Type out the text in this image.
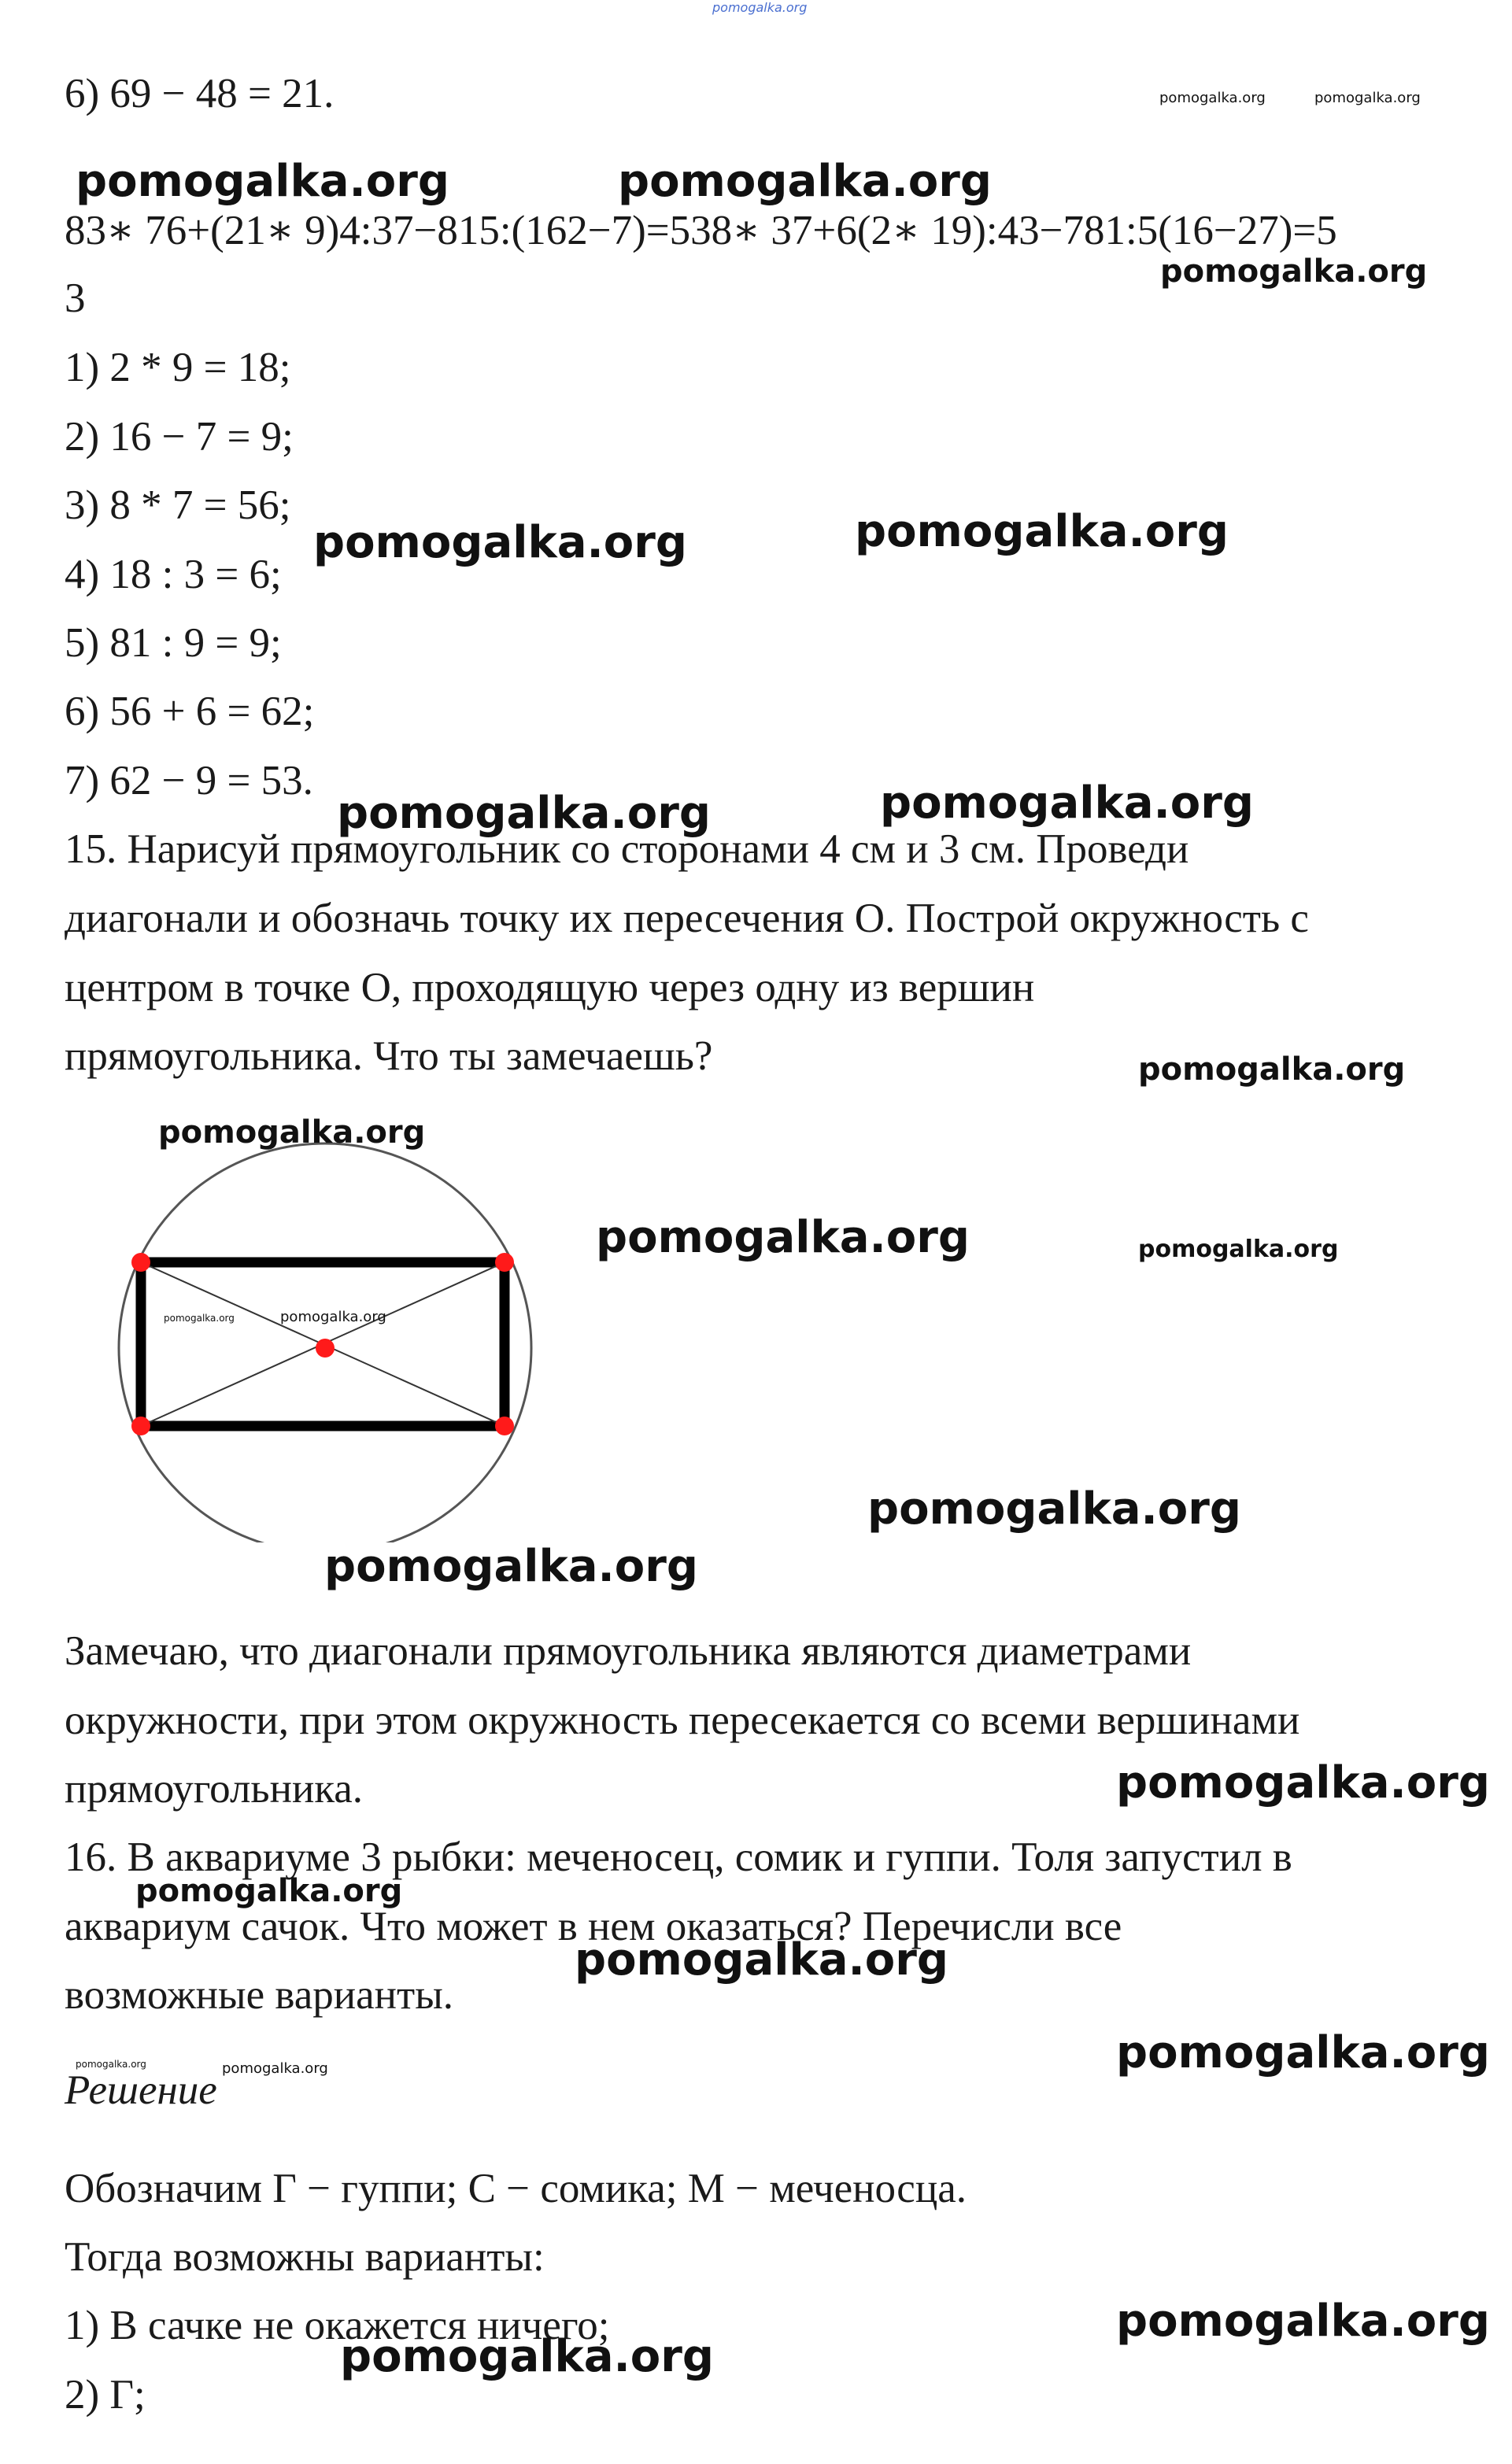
pomogalka.org
6) 69 − 48 = 21.
83∗ 76+(21∗ 9)4:37−815:(162−7)=538∗ 37+6(2∗ 19):43−781:5(16−27)=5
3
1) 2 * 9 = 18;
2) 16 − 7 = 9;
3) 8 * 7 = 56;
4) 18 : 3 = 6;
5) 81 : 9 = 9;
6) 56 + 6 = 62;
7) 62 − 9 = 53.
15. Нарисуй прямоугольник со сторонами 4 см и 3 см. Проведи
диагонали и обозначь точку их пересечения О. Построй окружность с
центром в точке О, проходящую через одну из вершин
прямоугольника. Что ты замечаешь?
Замечаю, что диагонали прямоугольника являются диаметрами
окружности, при этом окружность пересекается со всеми вершинами
прямоугольника.
16. В аквариуме 3 рыбки: меченосец, сомик и гуппи. Толя запустил в
аквариум сачок. Что может в нем оказаться? Перечисли все
возможные варианты.
Решение
Обозначим Г − гуппи; С − сомика; М − меченосца.
Тогда возможны варианты:
1) В сачке не окажется ничего;
2) Г;
pomogalka.org	pomogalka.org
pomogalka.org	pomogalka.org
pomogalka.org
pomogalka.org
pomogalka.org
pomogalka.org
pomogalka.org
pomogalka.org
pomogalka.org
pomogalka.org	pomogalka.org
pomogalka.org
pomogalka.org
pomogalka.org
pomogalka.org
pomogalka.org
pomogalka.org
pomogalka.org
pomogalka.org
pomogalka.org	pomogalka.org
pomogalka.org
pomogalka.org
